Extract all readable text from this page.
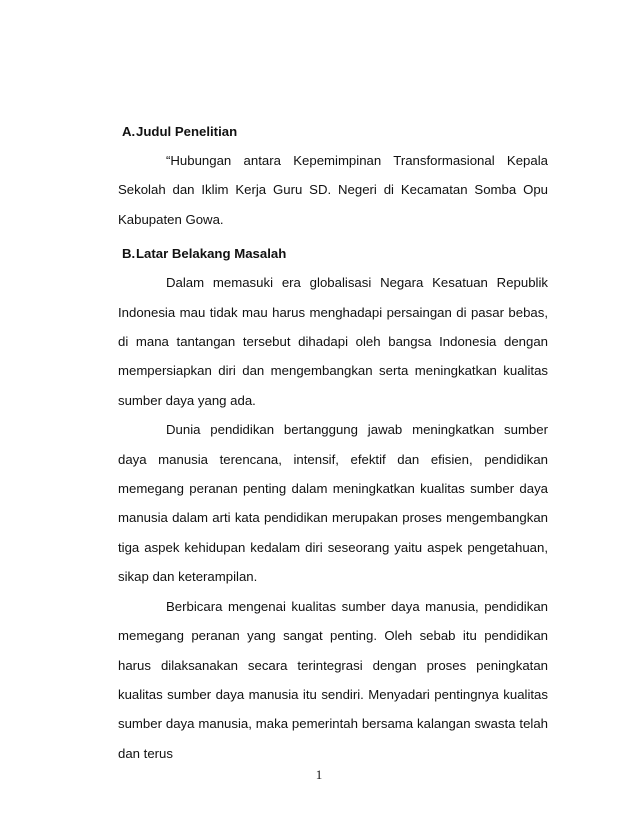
A. Judul Penelitian

“Hubungan antara Kepemimpinan Transformasional Kepala Sekolah dan Iklim Kerja Guru SD. Negeri di Kecamatan Somba Opu Kabupaten Gowa.

B. Latar Belakang Masalah

Dalam memasuki era globalisasi Negara Kesatuan Republik Indonesia mau tidak mau harus menghadapi persaingan di pasar bebas, di mana tantangan tersebut dihadapi oleh bangsa Indonesia dengan mempersiapkan diri dan mengembangkan serta meningkatkan kualitas sumber daya yang ada.

Dunia pendidikan bertanggung jawab meningkatkan sumber daya manusia terencana, intensif, efektif dan efisien, pendidikan memegang peranan penting dalam meningkatkan kualitas sumber daya manusia dalam arti kata pendidikan merupakan proses mengembangkan tiga aspek kehidupan kedalam diri seseorang yaitu aspek pengetahuan, sikap dan keterampilan.

Berbicara mengenai kualitas sumber daya manusia, pendidikan memegang peranan yang sangat penting. Oleh sebab itu pendidikan harus dilaksanakan secara terintegrasi dengan proses peningkatan kualitas sumber daya manusia itu sendiri. Menyadari pentingnya kualitas sumber daya manusia, maka pemerintah bersama kalangan swasta telah dan terus

1
